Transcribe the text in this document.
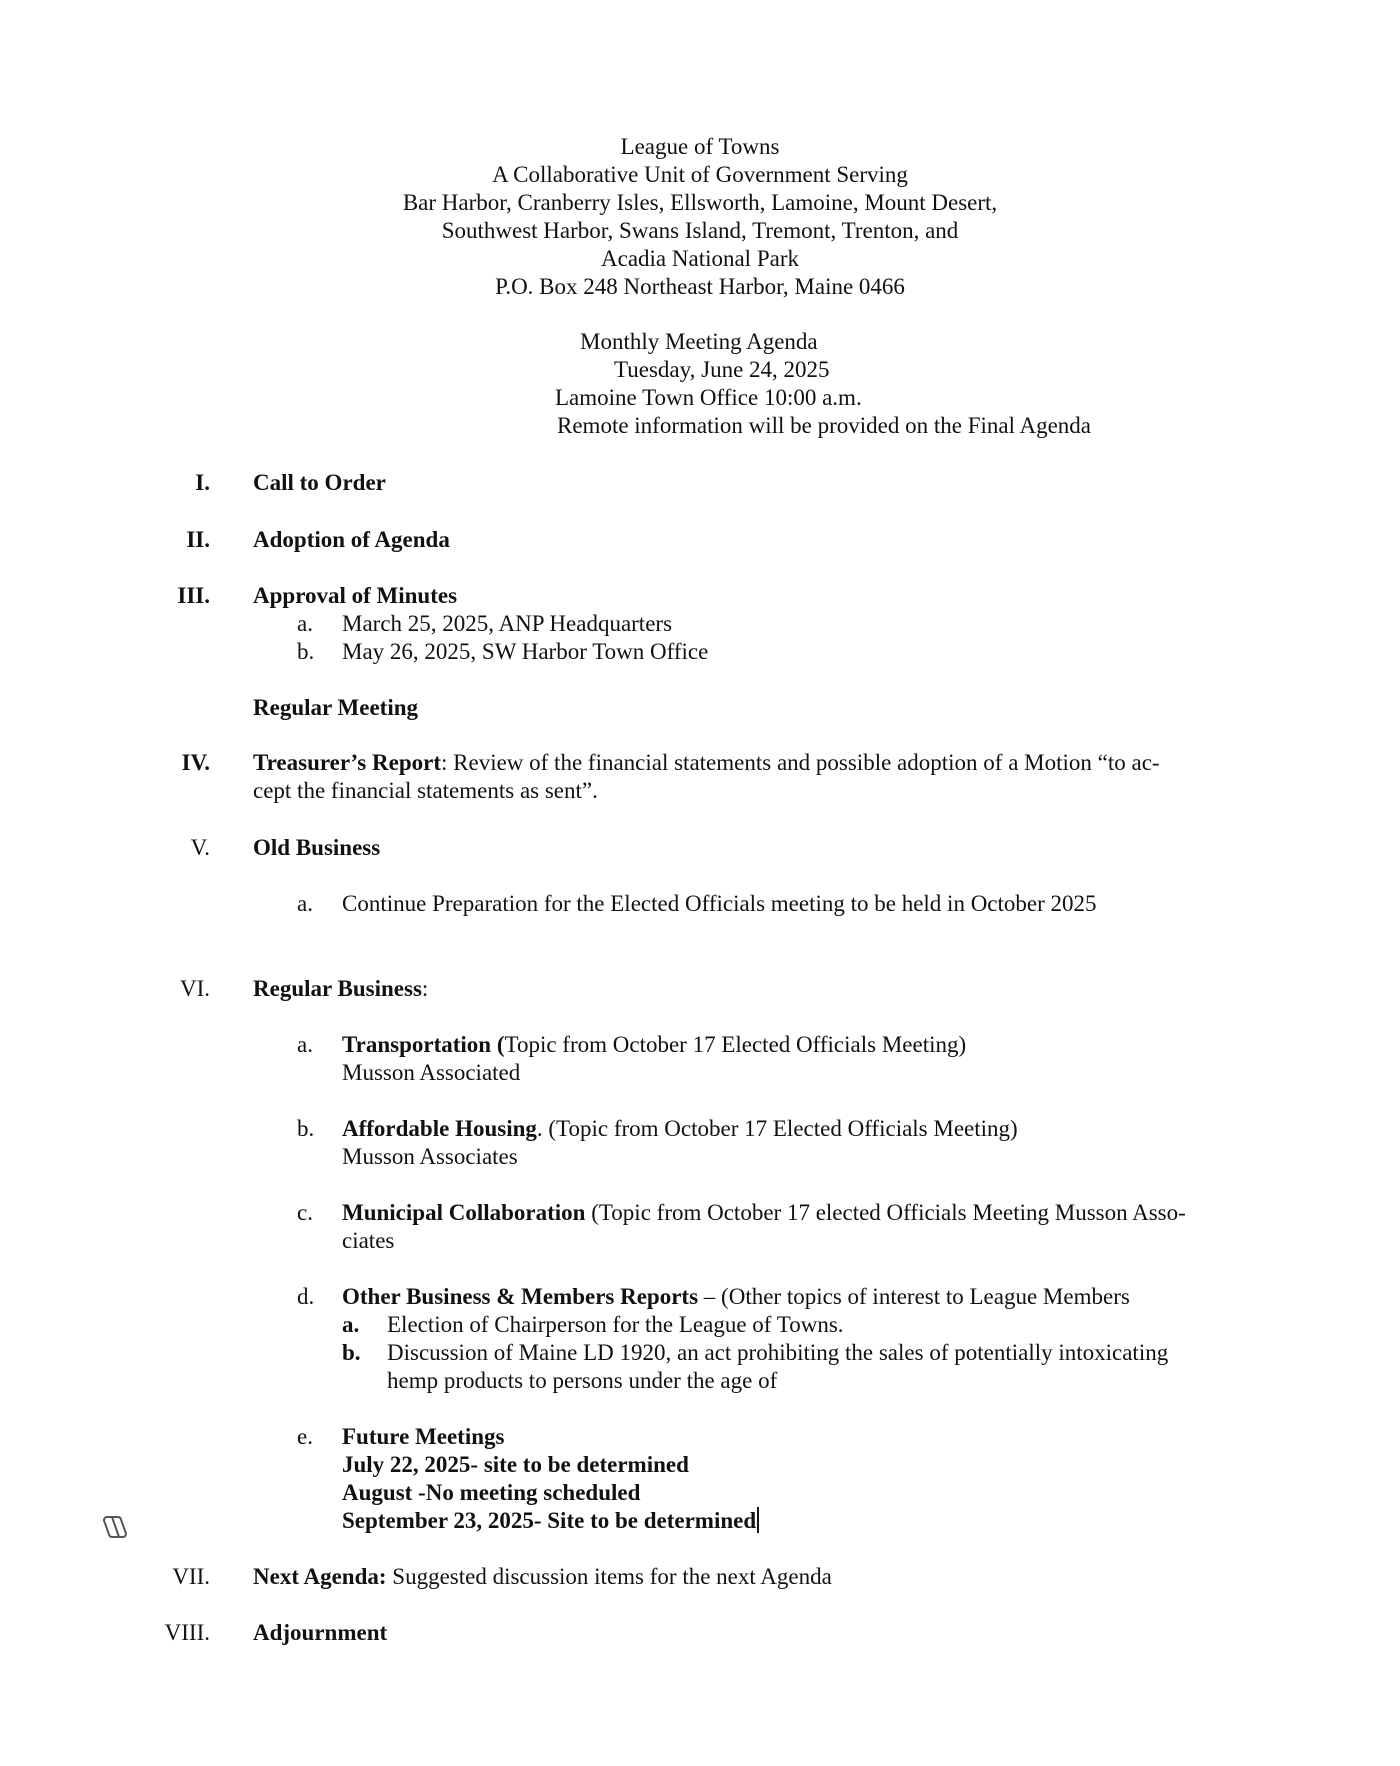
League of Towns
A Collaborative Unit of Government Serving
Bar Harbor, Cranberry Isles, Ellsworth, Lamoine, Mount Desert,
Southwest Harbor, Swans Island, Tremont, Trenton, and
Acadia National Park
P.O. Box 248 Northeast Harbor, Maine 0466
Monthly Meeting Agenda
Tuesday, June 24, 2025
Lamoine Town Office 10:00 a.m.
Remote information will be provided on the Final Agenda
I. Call to Order
II. Adoption of Agenda
III. Approval of Minutes
a. March 25, 2025, ANP Headquarters
b. May 26, 2025, SW Harbor Town Office
Regular Meeting
IV. Treasurer’s Report: Review of the financial statements and possible adoption of a Motion “to ac-
cept the financial statements as sent”.
V. Old Business
a. Continue Preparation for the Elected Officials meeting to be held in October 2025
VI. Regular Business:
a. Transportation (Topic from October 17 Elected Officials Meeting)
Musson Associated
b. Affordable Housing. (Topic from October 17 Elected Officials Meeting)
Musson Associates
c. Municipal Collaboration (Topic from October 17 elected Officials Meeting Musson Asso-
ciates
d. Other Business & Members Reports – (Other topics of interest to League Members
a. Election of Chairperson for the League of Towns.
b. Discussion of Maine LD 1920, an act prohibiting the sales of potentially intoxicating
hemp products to persons under the age of
e. Future Meetings
July 22, 2025- site to be determined
August -No meeting scheduled
September 23, 2025- Site to be determined
VII. Next Agenda: Suggested discussion items for the next Agenda
VIII. Adjournment
